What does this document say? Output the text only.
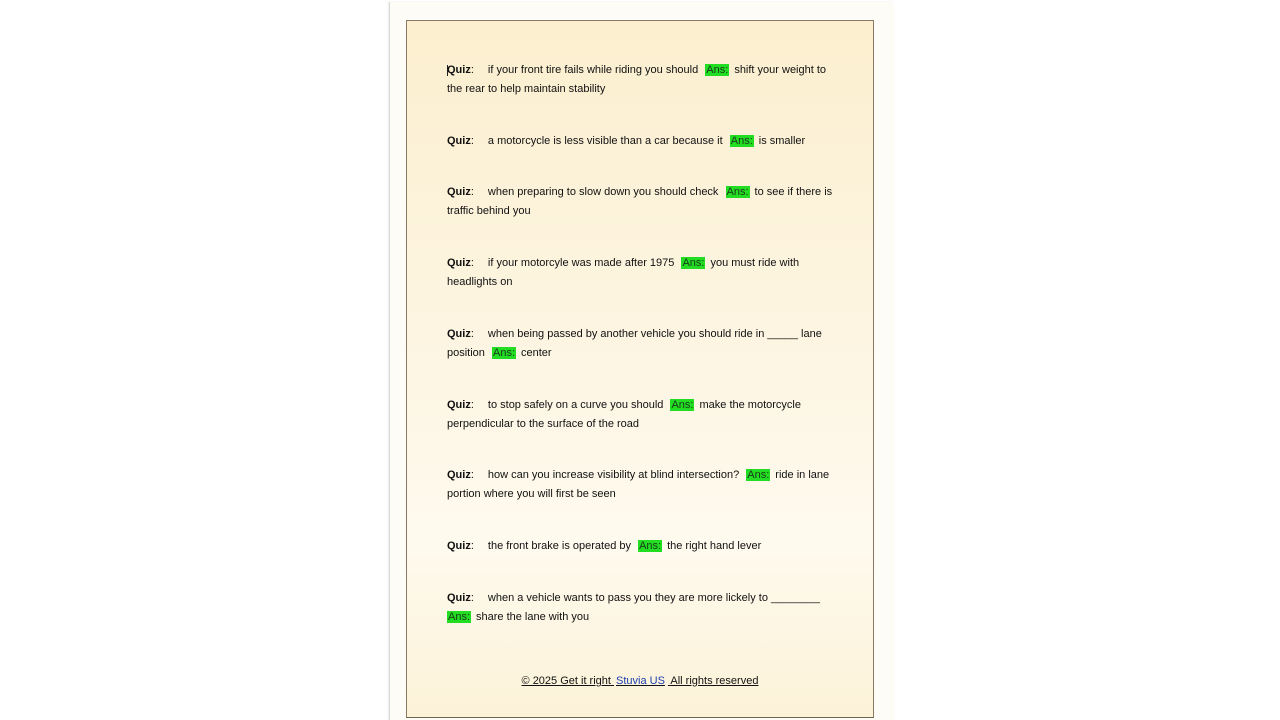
Quiz: if your front tire fails while riding you should Ans: shift your weight to the rear to help maintain stability
Quiz: a motorcycle is less visible than a car because it Ans: is smaller
Quiz: when preparing to slow down you should check Ans: to see if there is traffic behind you
Quiz: if your motorcyle was made after 1975 Ans: you must ride with headlights on
Quiz: when being passed by another vehicle you should ride in _____ lane position Ans: center
Quiz: to stop safely on a curve you should Ans: make the motorcycle perpendicular to the surface of the road
Quiz: how can you increase visibility at blind intersection? Ans: ride in lane portion where you will first be seen
Quiz: the front brake is operated by Ans: the right hand lever
Quiz: when a vehicle wants to pass you they are more lickely to ________
Ans: share the lane with you
© 2025 Get it right Stuvia US All rights reserved
